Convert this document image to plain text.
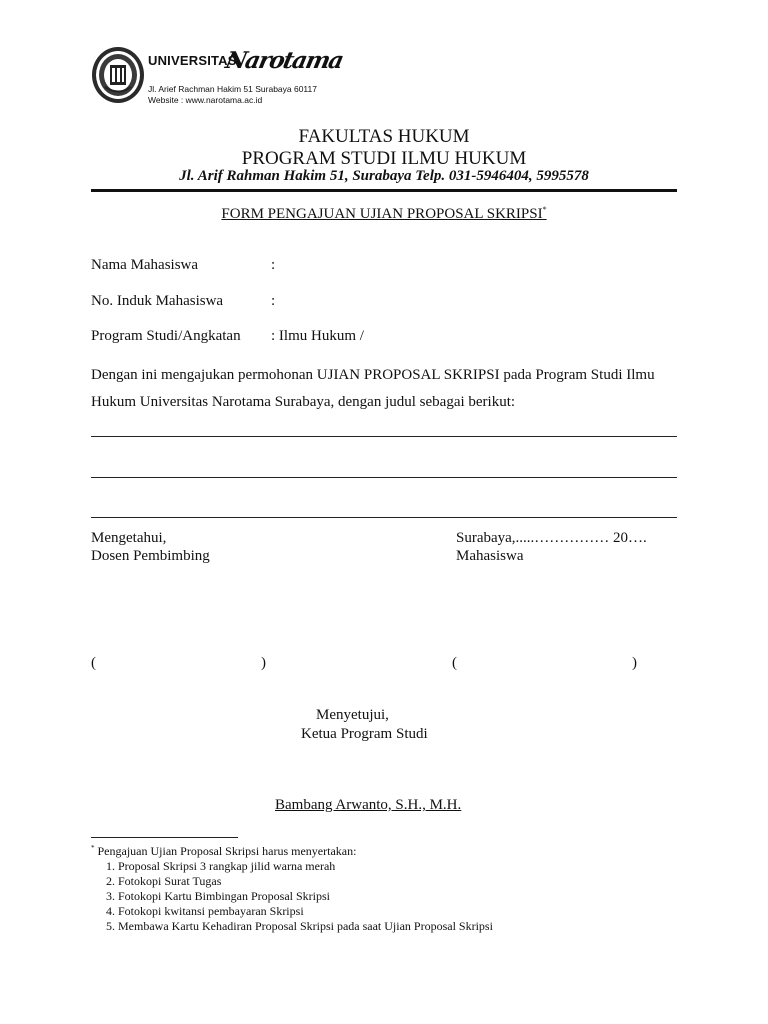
UNIVERSITAS
Narotama
Jl. Arief Rachman Hakim 51 Surabaya 60117
Website : www.narotama.ac.id
FAKULTAS HUKUM
PROGRAM STUDI ILMU HUKUM
Jl. Arif Rahman Hakim 51, Surabaya Telp. 031-5946404, 5995578
FORM PENGAJUAN UJIAN PROPOSAL SKRIPSI*
Nama Mahasiswa	:
No. Induk Mahasiswa	:
Program Studi/Angkatan : Ilmu Hukum /
Dengan ini mengajukan permohonan UJIAN PROPOSAL SKRIPSI pada Program Studi Ilmu
Hukum Universitas Narotama Surabaya, dengan judul sebagai berikut:
Mengetahui,
Dosen Pembimbing
Surabaya,.....…………… 20….
Mahasiswa
(	)	(	)
Menyetujui,
Ketua Program Studi
Bambang Arwanto, S.H., M.H.
* Pengajuan Ujian Proposal Skripsi harus menyertakan:
1. Proposal Skripsi 3 rangkap jilid warna merah
2. Fotokopi Surat Tugas
3. Fotokopi Kartu Bimbingan Proposal Skripsi
4. Fotokopi kwitansi pembayaran Skripsi
5. Membawa Kartu Kehadiran Proposal Skripsi pada saat Ujian Proposal Skripsi
